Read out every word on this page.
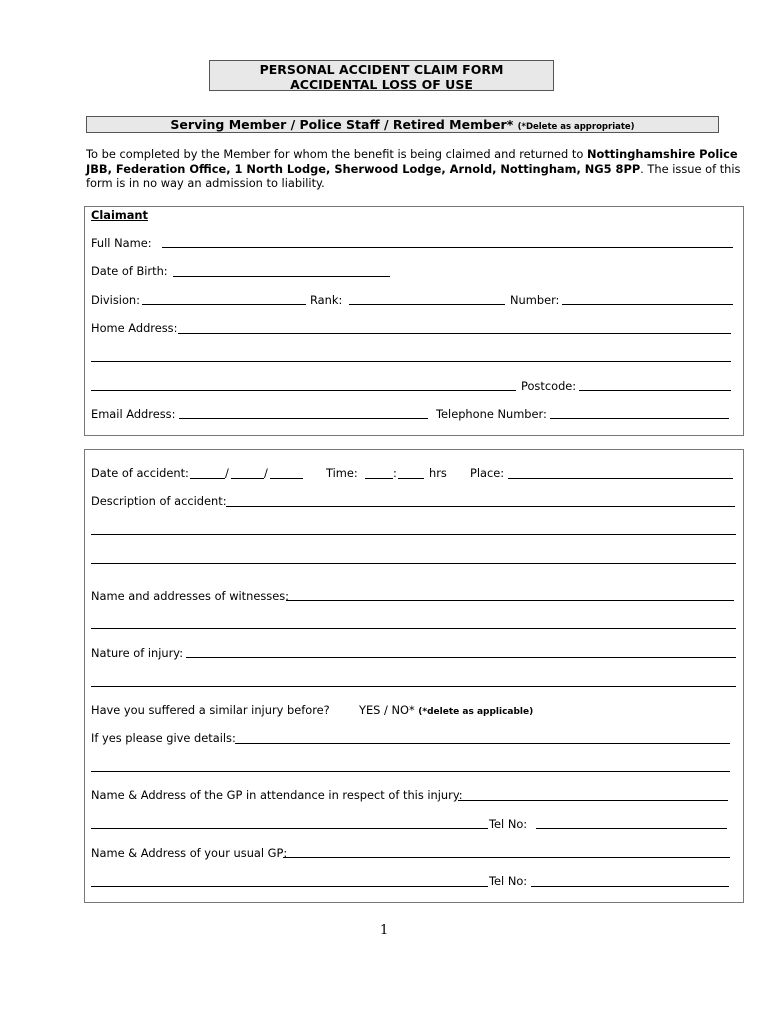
PERSONAL ACCIDENT CLAIM FORM
ACCIDENTAL LOSS OF USE
Serving Member / Police Staff / Retired Member* (*Delete as appropriate)
To be completed by the Member for whom the benefit is being claimed and returned to Nottinghamshire Police JBB, Federation Office, 1 North Lodge, Sherwood Lodge, Arnold, Nottingham, NG5 8PP. The issue of this form is in no way an admission to liability.
Claimant
Full Name:
Date of Birth:
Division:	Rank:	Number:
Home Address:
Postcode:
Email Address:	Telephone Number:
Date of accident:	/	/	Time:	:	hrs Place:
Description of accident:
Name and addresses of witnesses:
Nature of injury:
Have you suffered a similar injury before?	YES / NO* (*delete as applicable)
If yes please give details:
Name & Address of the GP in attendance in respect of this injury:
Tel No:
Name & Address of your usual GP:
Tel No:
1
